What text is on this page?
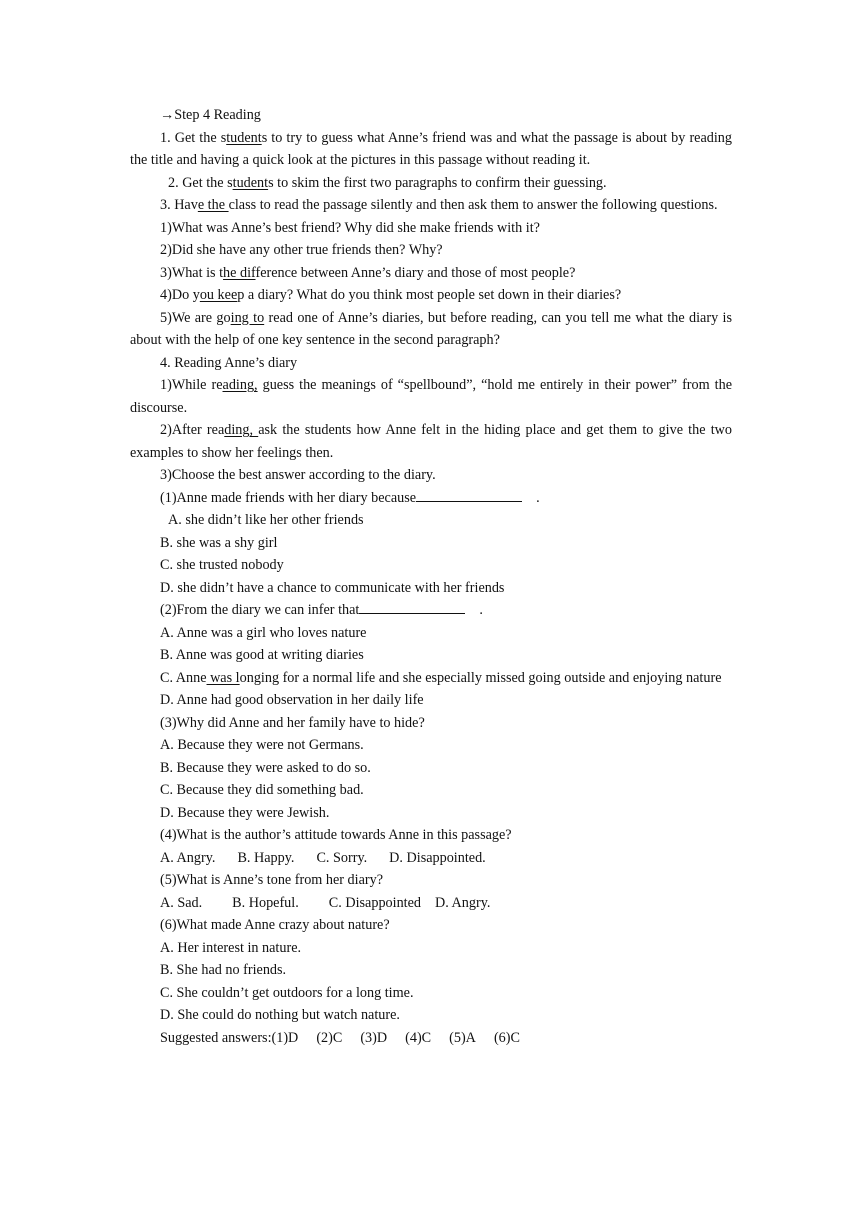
→Step 4 Reading
1. Get the students to try to guess what Anne’s friend was and what the passage is about by reading the title and having a quick look at the pictures in this passage without reading it.
2. Get the students to skim the first two paragraphs to confirm their guessing.
3. Have the class to read the passage silently and then ask them to answer the following questions.
1)What was Anne’s best friend? Why did she make friends with it?
2)Did she have any other true friends then? Why?
3)What is the difference between Anne’s diary and those of most people?
4)Do you keep a diary? What do you think most people set down in their diaries?
5)We are going to read one of Anne’s diaries, but before reading, can you tell me what the diary is about with the help of one key sentence in the second paragraph?
4. Reading Anne’s diary
1)While reading, guess the meanings of “spellbound”, “hold me entirely in their power” from the discourse.
2)After reading, ask the students how Anne felt in the hiding place and get them to give the two examples to show her feelings then.
3)Choose the best answer according to the diary.
(1)Anne made friends with her diary because	.
A. she didn’t like her other friends
B. she was a shy girl
C. she trusted nobody
D. she didn’t have a chance to communicate with her friends
(2)From the diary we can infer that	.
A. Anne was a girl who loves nature
B. Anne was good at writing diaries
C. Anne was longing for a normal life and she especially missed going outside and enjoying nature
D. Anne had good observation in her daily life
(3)Why did Anne and her family have to hide?
A. Because they were not Germans.
B. Because they were asked to do so.
C. Because they did something bad.
D. Because they were Jewish.
(4)What is the author’s attitude towards Anne in this passage?
A. Angry. B. Happy. C. Sorry. D. Disappointed.
(5)What is Anne’s tone from her diary?
A. Sad. B. Hopeful. C. Disappointed D. Angry.
(6)What made Anne crazy about nature?
A. Her interest in nature.
B. She had no friends.
C. She couldn’t get outdoors for a long time.
D. She could do nothing but watch nature.
Suggested answers:(1)D (2)C (3)D (4)C (5)A (6)C
